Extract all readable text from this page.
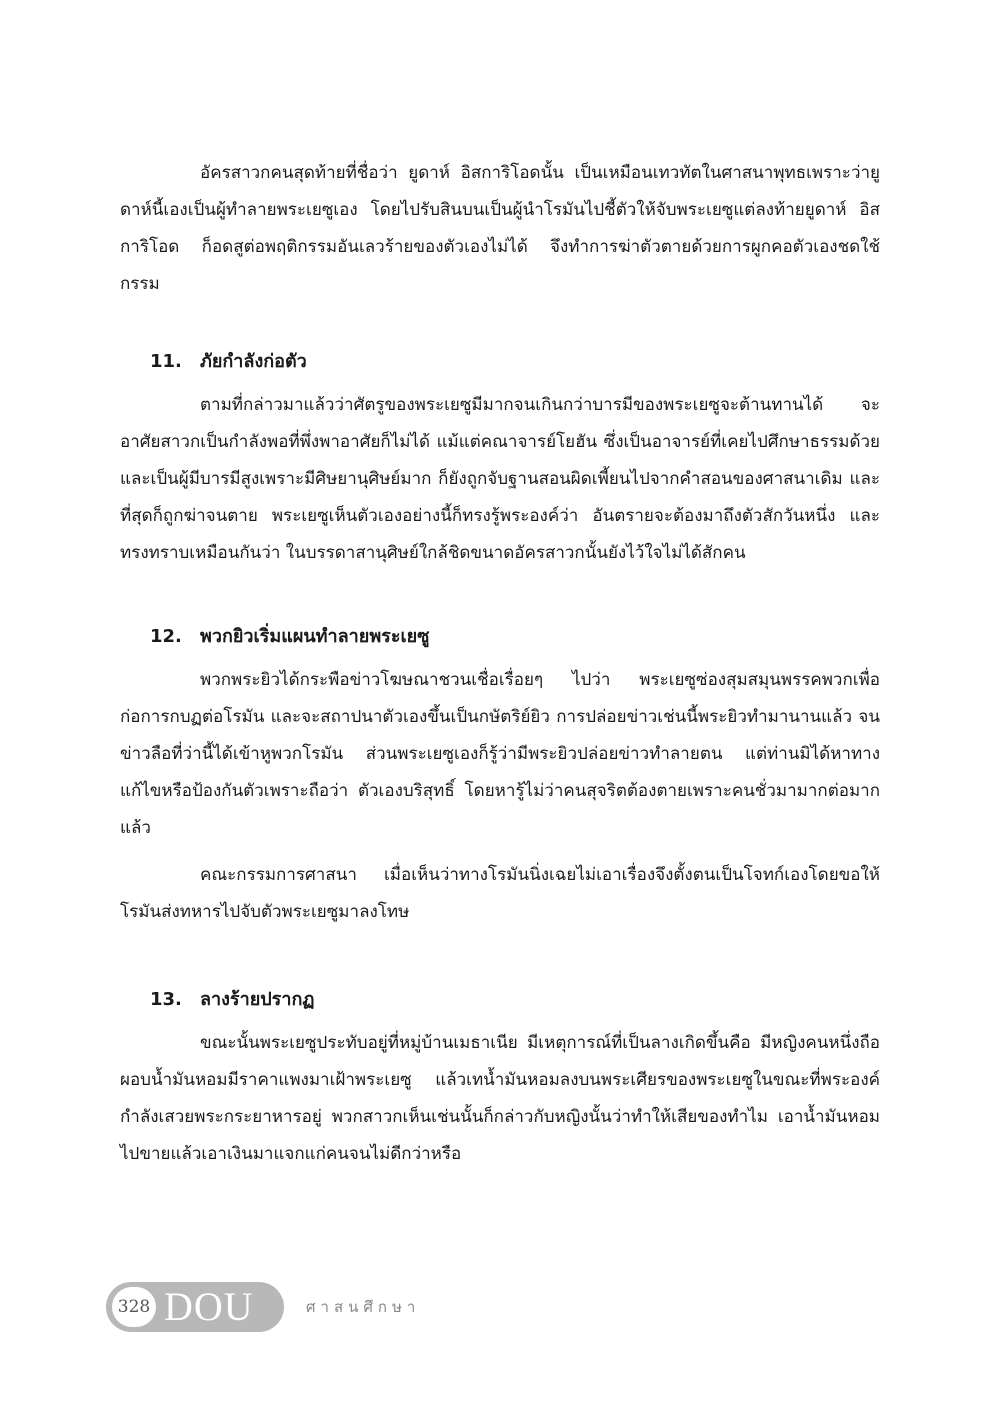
อัครสาวกคนสุดท้ายที่ชื่อว่า ยูดาห์ อิสการิโอดนั้น เป็นเหมือนเทวทัตในศาสนาพุทธเพราะว่ายูดาห์นี้เองเป็นผู้ทำลายพระเยซูเอง โดยไปรับสินบนเป็นผู้นำโรมันไปชี้ตัวให้จับพระเยซูแต่ลงท้ายยูดาห์ อิสการิโอด ก็อดสูต่อพฤติกรรมอันเลวร้ายของตัวเองไม่ได้ จึงทำการฆ่าตัวตายด้วยการผูกคอตัวเองชดใช้กรรม

11. ภัยกำลังก่อตัว

ตามที่กล่าวมาแล้วว่าศัตรูของพระเยซูมีมากจนเกินกว่าบารมีของพระเยซูจะต้านทานได้ จะอาศัยสาวกเป็นกำลังพอที่พึ่งพาอาศัยก็ไม่ได้ แม้แต่คณาจารย์โยฮัน ซึ่งเป็นอาจารย์ที่เคยไปศึกษาธรรมด้วย และเป็นผู้มีบารมีสูงเพราะมีศิษยานุศิษย์มาก ก็ยังถูกจับฐานสอนผิดเพี้ยนไปจากคำสอนของศาสนาเดิม และที่สุดก็ถูกฆ่าจนตาย พระเยซูเห็นตัวเองอย่างนี้ก็ทรงรู้พระองค์ว่า อันตรายจะต้องมาถึงตัวสักวันหนึ่ง และทรงทราบเหมือนกันว่า ในบรรดาสานุศิษย์ใกล้ชิดขนาดอัครสาวกนั้นยังไว้ใจไม่ได้สักคน

12. พวกยิวเริ่มแผนทำลายพระเยซู

พวกพระยิวได้กระพือข่าวโฆษณาชวนเชื่อเรื่อยๆ ไปว่า พระเยซูซ่องสุมสมุนพรรคพวกเพื่อก่อการกบฏต่อโรมัน และจะสถาปนาตัวเองขึ้นเป็นกษัตริย์ยิว การปล่อยข่าวเช่นนี้พระยิวทำมานานแล้ว จนข่าวลือที่ว่านี้ได้เข้าหูพวกโรมัน ส่วนพระเยซูเองก็รู้ว่ามีพระยิวปล่อยข่าวทำลายตน แต่ท่านมิได้หาทางแก้ไขหรือป้องกันตัวเพราะถือว่า ตัวเองบริสุทธิ์ โดยหารู้ไม่ว่าคนสุจริตต้องตายเพราะคนชั่วมามากต่อมากแล้ว

คณะกรรมการศาสนา เมื่อเห็นว่าทางโรมันนิ่งเฉยไม่เอาเรื่องจึงตั้งตนเป็นโจทก์เองโดยขอให้โรมันส่งทหารไปจับตัวพระเยซูมาลงโทษ

13. ลางร้ายปรากฏ

ขณะนั้นพระเยซูประทับอยู่ที่หมู่บ้านเมธาเนีย มีเหตุการณ์ที่เป็นลางเกิดขึ้นคือ มีหญิงคนหนึ่งถือผอบน้ำมันหอมมีราคาแพงมาเฝ้าพระเยซู แล้วเทน้ำมันหอมลงบนพระเศียรของพระเยซูในขณะที่พระองค์กำลังเสวยพระกระยาหารอยู่ พวกสาวกเห็นเช่นนั้นก็กล่าวกับหญิงนั้นว่าทำให้เสียของทำไม เอาน้ำมันหอมไปขายแล้วเอาเงินมาแจกแก่คนจนไม่ดีกว่าหรือ

328 DOU	ศาสนศึกษา
